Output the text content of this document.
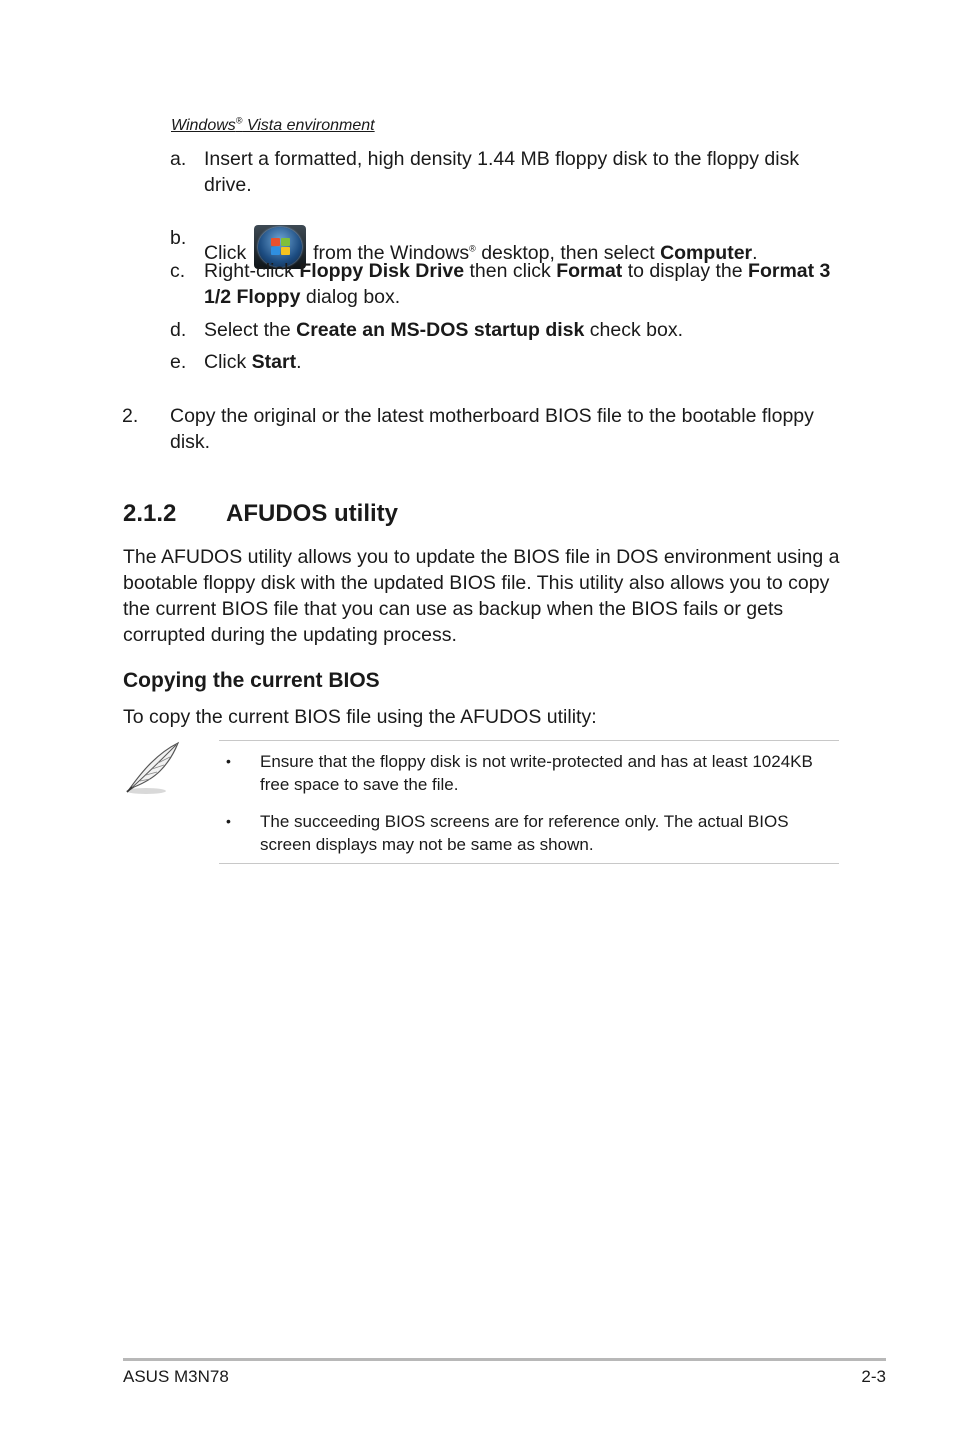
Windows® Vista environment
a. Insert a formatted, high density 1.44 MB floppy disk to the floppy disk drive.
b.
Click	from the Windows® desktop, then select Computer.
c. Right-click Floppy Disk Drive then click Format to display the Format 3 1/2 Floppy dialog box.
d. Select the Create an MS-DOS startup disk check box.
e. Click Start.
2. Copy the original or the latest motherboard BIOS file to the bootable floppy disk.
2.1.2 AFUDOS utility
The AFUDOS utility allows you to update the BIOS file in DOS environment using a bootable floppy disk with the updated BIOS file. This utility also allows you to copy the current BIOS file that you can use as backup when the BIOS fails or gets corrupted during the updating process.
Copying the current BIOS
To copy the current BIOS file using the AFUDOS utility:
• Ensure that the floppy disk is not write-protected and has at least 1024KB free space to save the file.
• The succeeding BIOS screens are for reference only. The actual BIOS screen displays may not be same as shown.
ASUS M3N78	2-3
